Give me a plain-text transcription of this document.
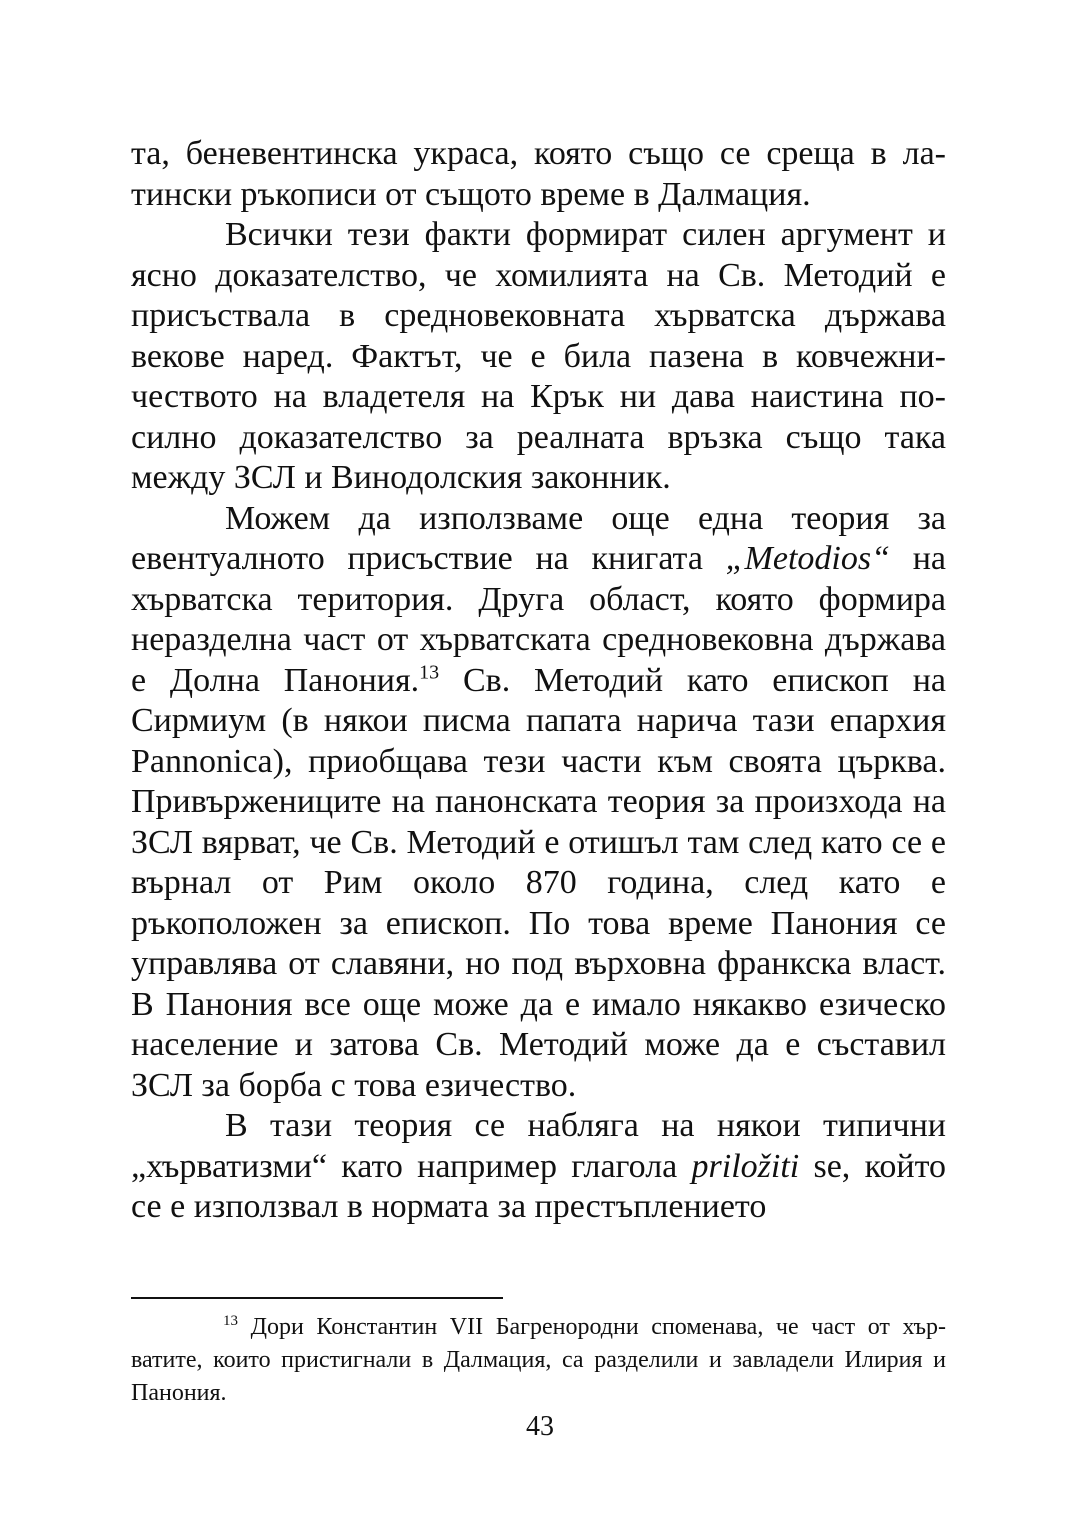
та, беневентинска украса, която също се среща в латински ръкописи от същото време в Далмация.

Всички тези факти формират силен аргумент и ясно доказателство, че хомилията на Св. Методий е присъствала в средновековната хърватска държава векове наред. Фактът, че е била пазена в ковчежничеството на владетеля на Крък ни дава наистина посилно доказателство за реалната връзка също така между ЗСЛ и Винодолския законник.

Можем да използваме още една теория за евентуалното присъствие на книгата „Metodios“ на хърватска територия. Друга област, която формира неразделна част от хърватската средновековна държава е Долна Панония.$^{13}$ Св. Методий като епископ на Сирмиум (в някои писма папата нарича тази епархия Pannonica), приобщава тези части към своята църква. Привържениците на панонската теория за произхода на ЗСЛ вярват, че Св. Методий е отишъл там след като се е върнал от Рим около 870 година, след като е ръкоположен за епископ. По това време Панония се управлява от славяни, но под върховна франкска власт. В Панония все още може да е имало някакво езическо население и затова Св. Методий може да е съставил ЗСЛ за борба с това езичество.

В тази теория се набляга на някои типични „хърватизми“ като например глагола priložiti se, който се е използвал в нормата за престъплението

$^{13}$ Дори Константин VII Багренородни споменава, че част от хърватите, които пристигнали в Далмация, са разделили и завладели Илирия и Панония.

43
